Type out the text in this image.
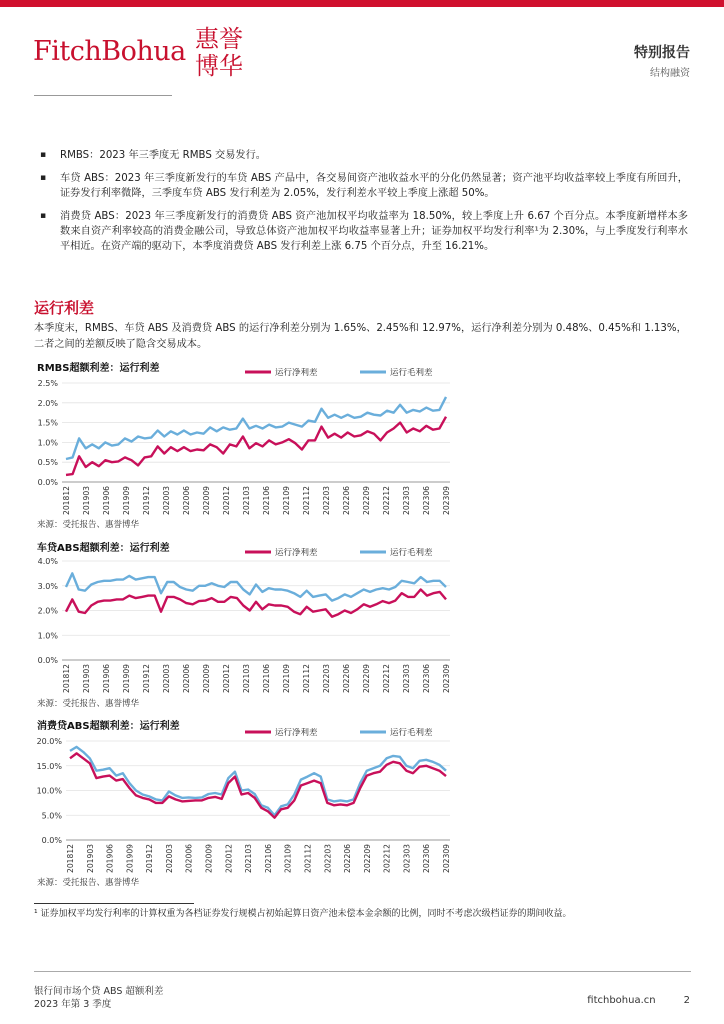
FitchBohua 惠誉
博华	特别报告
结构融资
▪ RMBS：2023 年三季度无 RMBS 交易发行。
▪ 车贷 ABS：2023 年三季度新发行的车贷 ABS 产品中，各交易间资产池收益水平的分化仍然显著；资产池平均收益率较上季度有所回升，证券发行利率微降，三季度车贷 ABS 发行利差为 2.05%，发行利差水平较上季度上涨超 50%。
▪ 消费贷 ABS：2023 年三季度新发行的消费贷 ABS 资产池加权平均收益率为 18.50%，较上季度上升 6.67 个百分点。本季度新增样本多数来自资产利率较高的消费金融公司，导致总体资产池加权平均收益率显著上升；证券加权平均发行利率¹为 2.30%，与上季度发行利率水平相近。在资产端的驱动下，本季度消费贷 ABS 发行利差上涨 6.75 个百分点，升至 16.21%。
运行利差
本季度末，RMBS、车贷 ABS 及消费贷 ABS 的运行净利差分别为 1.65%、2.45%和 12.97%，运行净利差分别为 0.48%、0.45%和 1.13%，二者之间的差额反映了隐含交易成本。
RMBS超额利差：运行利差
0.0%
0.5%
1.0%
1.5%
2.0%
2.5%
201812 201903 201906 201909 201912 202003 202006 202009 202012 202103 202106 202109 202112 202203 202206 202209 202212 202303 202306 202309
运行净利差	运行毛利差
来源：受托报告、惠誉博华
车贷ABS超额利差：运行利差
0.0%
1.0%
2.0%
3.0%
4.0%
201812 201903 201906 201909 201912 202003 202006 202009 202012 202103 202106 202109 202112 202203 202206 202209 202212 202303 202306 202309
运行净利差	运行毛利差
来源：受托报告、惠誉博华
消费贷ABS超额利差：运行利差
0.0%
5.0%
10.0%
15.0%
20.0%
201812 201903 201906 201909 201912 202003 202006 202009 202012 202103 202106 202109 202112 202203 202206 202209 202212 202303 202306 202309
运行净利差	运行毛利差
来源：受托报告、惠誉博华
¹ 证券加权平均发行利率的计算权重为各档证券发行规模占初始起算日资产池未偿本金余额的比例，同时不考虑次级档证券的期间收益。
银行间市场个贷 ABS 超额利差
2023 年第 3 季度	fitchbohua.cn	2
